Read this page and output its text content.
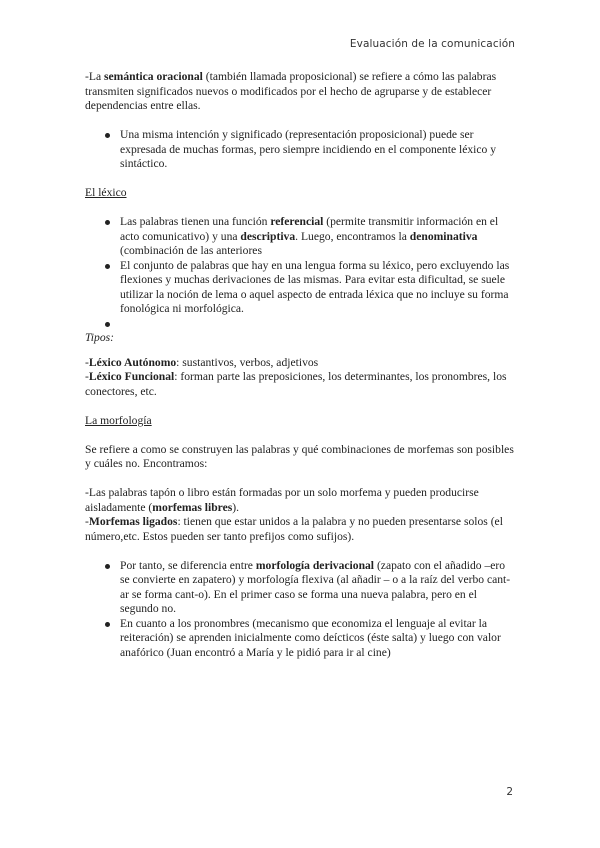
Evaluación de la comunicación

-La semántica oracional (también llamada proposicional) se refiere a cómo las palabras transmiten significados nuevos o modificados por el hecho de agruparse y de establecer dependencias entre ellas.

Una misma intención y significado (representación proposicional) puede ser expresada de muchas formas, pero siempre incidiendo en el componente léxico y sintáctico.

El léxico

Las palabras tienen una función referencial (permite transmitir información en el acto comunicativo) y una descriptiva. Luego, encontramos la denominativa (combinación de las anteriores
El conjunto de palabras que hay en una lengua forma su léxico, pero excluyendo las flexiones y muchas derivaciones de las mismas. Para evitar esta dificultad, se suele utilizar la noción de lema o aquel aspecto de entrada léxica que no incluye su forma fonológica ni morfológica.

Tipos:

-Léxico Autónomo: sustantivos, verbos, adjetivos

-Léxico Funcional: forman parte las preposiciones, los determinantes, los pronombres, los conectores, etc.

La morfología

Se refiere a como se construyen las palabras y qué combinaciones de morfemas son posibles y cuáles no. Encontramos:

-Las palabras tapón o libro están formadas por un solo morfema y pueden producirse aisladamente (morfemas libres).

-Morfemas ligados: tienen que estar unidos a la palabra y no pueden presentarse solos (el número,etc. Estos pueden ser tanto prefijos como sufijos).

Por tanto, se diferencia entre morfología derivacional (zapato con el añadido –ero se convierte en zapatero) y morfología flexiva (al añadir – o a la raíz del verbo cant-ar se forma cant-o). En el primer caso se forma una nueva palabra, pero en el segundo no.
En cuanto a los pronombres (mecanismo que economiza el lenguaje al evitar la reiteración) se aprenden inicialmente como deícticos (éste salta) y luego con valor anafórico (Juan encontró a María y le pidió para ir al cine)
2
